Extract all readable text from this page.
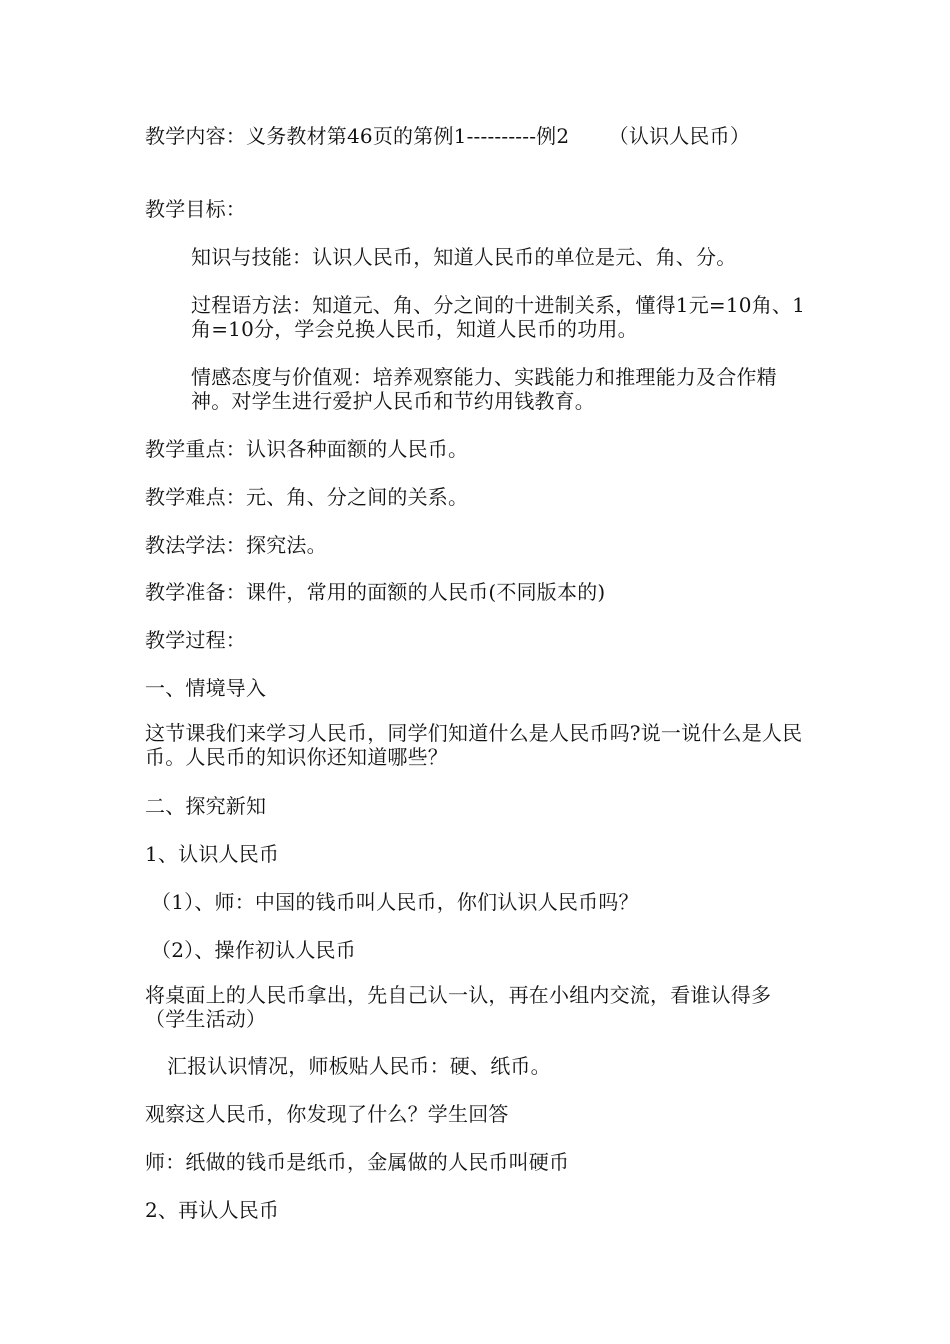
教学内容：义务教材第46页的第例1----------例2      （认识人民币）
教学目标：
知识与技能：认识人民币，知道人民币的单位是元、角、分。
过程语方法：知道元、角、分之间的十进制关系，懂得1元=10角、1 角=10分，学会兑换人民币，知道人民币的功用。
情感态度与价值观：培养观察能力、实践能力和推理能力及合作精神。对学生进行爱护人民币和节约用钱教育。
教学重点：认识各种面额的人民币。
教学难点：元、角、分之间的关系。
教法学法：探究法。
教学准备：课件，常用的面额的人民币(不同版本的)
教学过程：
一、情境导入
这节课我们来学习人民币，同学们知道什么是人民币吗?说一说什么是人民币。人民币的知识你还知道哪些？
二、探究新知
1、认识人民币
（1）、师：中国的钱币叫人民币，你们认识人民币吗？
（2）、操作初认人民币
将桌面上的人民币拿出，先自己认一认，再在小组内交流，看谁认得多（学生活动）
汇报认识情况，师板贴人民币：硬、纸币。
观察这人民币，你发现了什么？学生回答
师：纸做的钱币是纸币，金属做的人民币叫硬币
2、再认人民币
